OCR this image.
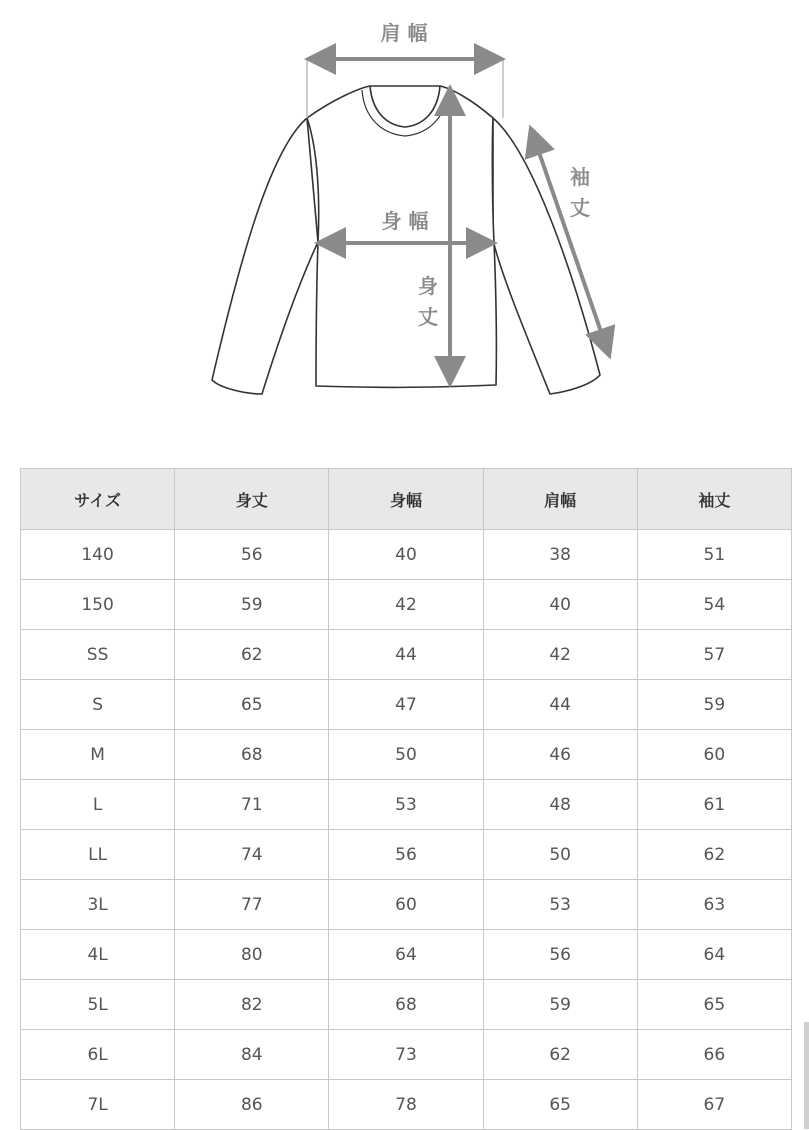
肩 幅
身 幅
身
丈
袖
丈
サイズ	身丈	身幅	肩幅	袖丈
140	56	40	38	51
150	59	42	40	54
SS	62	44	42	57
S	65	47	44	59
M	68	50	46	60
L	71	53	48	61
LL	74	56	50	62
3L	77	60	53	63
4L	80	64	56	64
5L	82	68	59	65
6L	84	73	62	66
7L	86	78	65	67
